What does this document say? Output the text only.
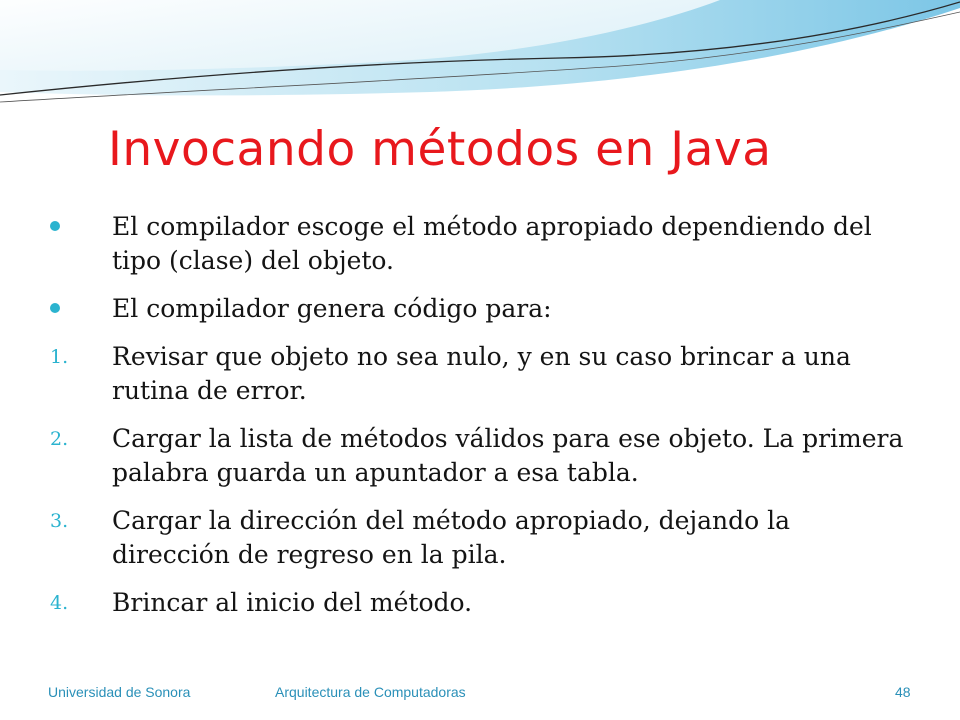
Invocando métodos en Java
El compilador escoge el método apropiado dependiendo del tipo (clase) del objeto.
El compilador genera código para:
1.	Revisar que objeto no sea nulo, y en su caso brincar a una rutina de error.
2.	Cargar la lista de métodos válidos para ese objeto. La primera palabra guarda un apuntador a esa tabla.
3.	Cargar la dirección del método apropiado, dejando la dirección de regreso en la pila.
4.	Brincar al inicio del método.
Universidad de Sonora	Arquitectura de Computadoras	48
